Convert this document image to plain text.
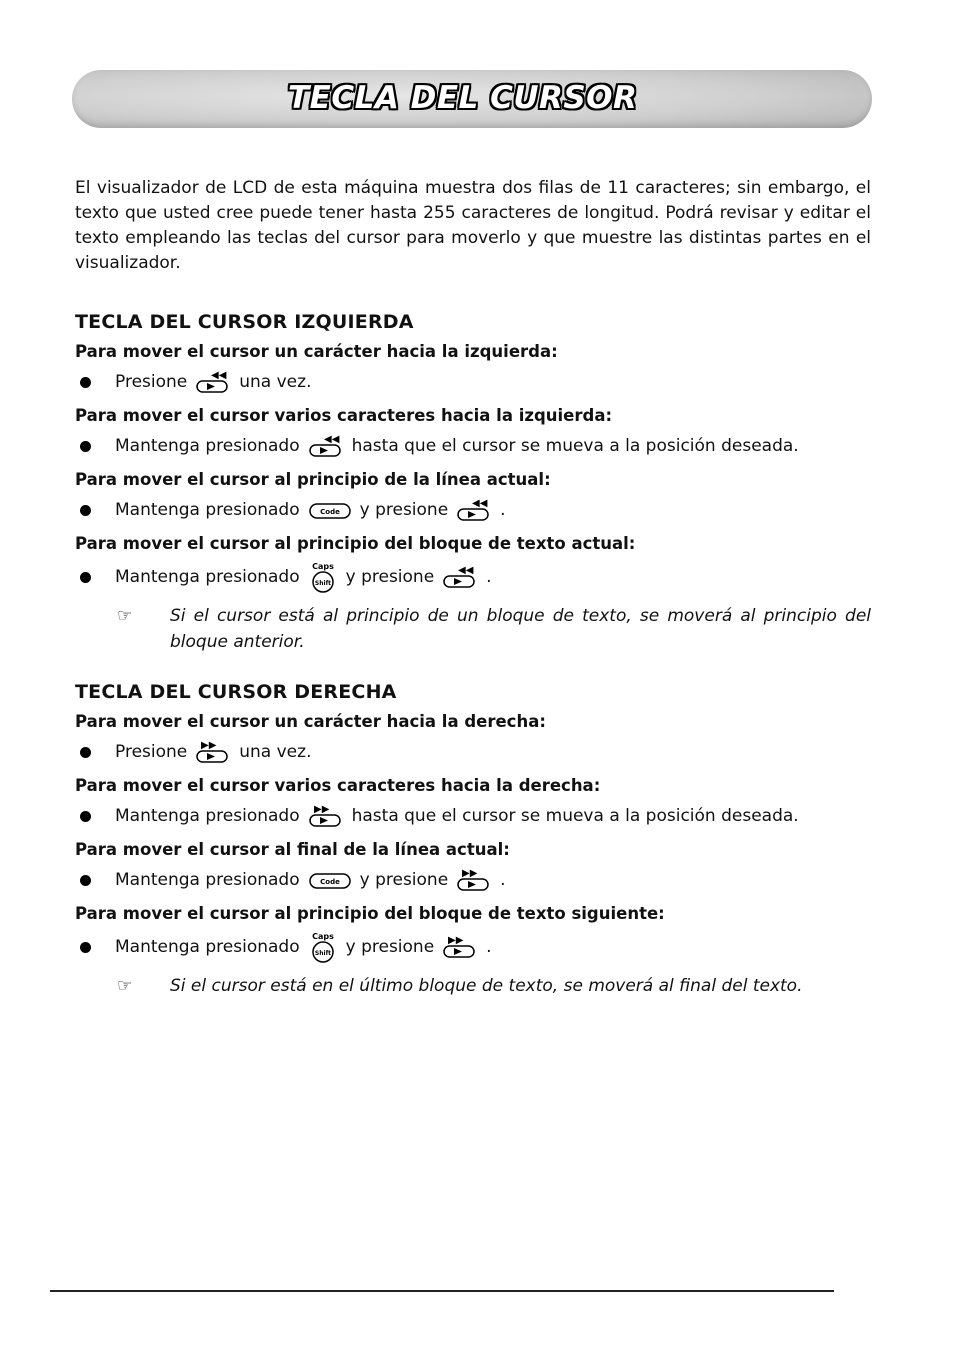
TECLA DEL CURSOR

El visualizador de LCD de esta máquina muestra dos filas de 11 caracteres; sin embargo, el texto que usted cree puede tener hasta 255 caracteres de longitud. Podrá revisar y editar el texto empleando las teclas del cursor para moverlo y que muestre las distintas partes en el visualizador.

TECLA DEL CURSOR IZQUIERDA
Para mover el cursor un carácter hacia la izquierda:
Presione ◀◀ una vez.
Para mover el cursor varios caracteres hacia la izquierda:
Mantenga presionado ◀◀ hasta que el cursor se mueva a la posición deseada.
Para mover el cursor al principio de la línea actual:
Mantenga presionado	Code y presione ◀◀ .
Para mover el cursor al principio del bloque de texto actual:
Mantenga presionado
Caps
Shift y presione ◀◀ .
☞	Si el cursor está al principio de un bloque de texto, se moverá al principio del bloque anterior.
TECLA DEL CURSOR DERECHA
Para mover el cursor un carácter hacia la derecha:
Presione ▶▶ una vez.
Para mover el cursor varios caracteres hacia la derecha:
Mantenga presionado ▶▶ hasta que el cursor se mueva a la posición deseada.
Para mover el cursor al final de la línea actual:
Mantenga presionado	Code y presione ▶▶ .
Para mover el cursor al principio del bloque de texto siguiente:
Mantenga presionado
Caps
Shift y presione ▶▶ .
☞	Si el cursor está en el último bloque de texto, se moverá al final del texto.
